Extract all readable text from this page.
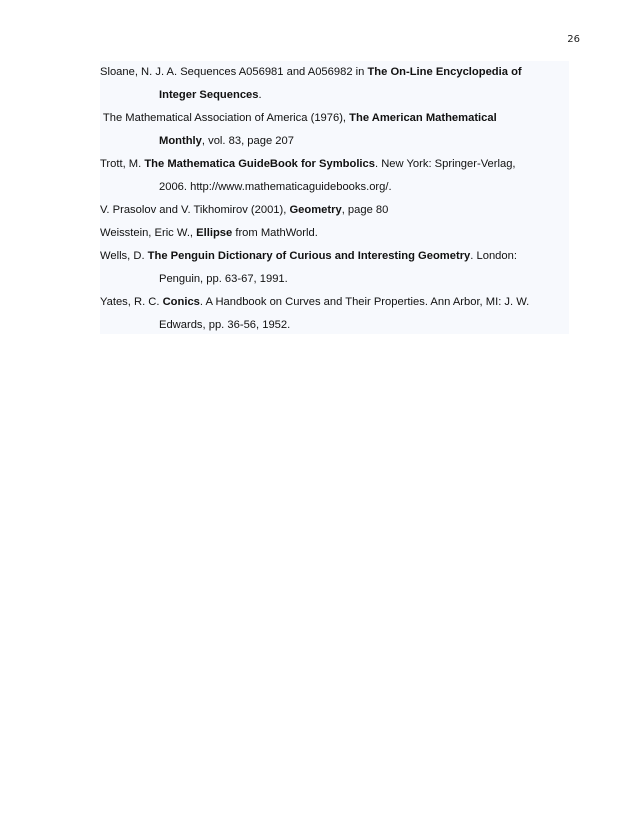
26
Sloane, N. J. A. Sequences A056981 and A056982 in The On-Line Encyclopedia of
Integer Sequences.
The Mathematical Association of America (1976), The American Mathematical
Monthly, vol. 83, page 207
Trott, M. The Mathematica GuideBook for Symbolics. New York: Springer-Verlag,
2006. http://www.mathematicaguidebooks.org/.
V. Prasolov and V. Tikhomirov (2001), Geometry, page 80
Weisstein, Eric W., Ellipse from MathWorld.
Wells, D. The Penguin Dictionary of Curious and Interesting Geometry. London:
Penguin, pp. 63-67, 1991.
Yates, R. C. Conics. A Handbook on Curves and Their Properties. Ann Arbor, MI: J. W.
Edwards, pp. 36-56, 1952.
